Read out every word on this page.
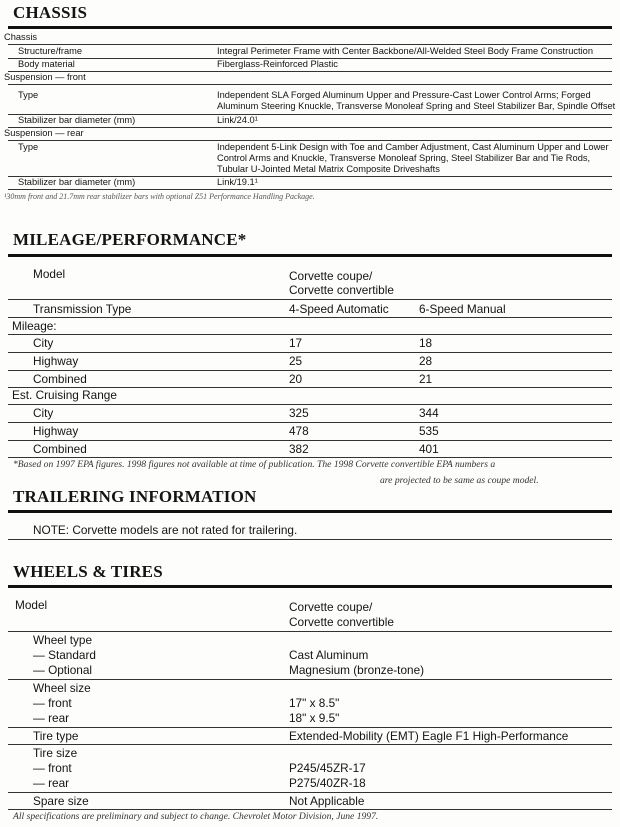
CHASSIS
Chassis
Structure/frame	Integral Perimeter Frame with Center Backbone/All-Welded Steel Body Frame Construction
Body material	Fiberglass-Reinforced Plastic
Suspension — front
Type	Independent SLA Forged Aluminum Upper and Pressure-Cast Lower Control Arms; Forged Aluminum Steering Knuckle, Transverse Monoleaf Spring and Steel Stabilizer Bar, Spindle Offset
Stabilizer bar diameter (mm)	Link/24.0¹
Suspension — rear
Type	Independent 5-Link Design with Toe and Camber Adjustment, Cast Aluminum Upper and Lower Control Arms and Knuckle, Transverse Monoleaf Spring, Steel Stabilizer Bar and Tie Rods, Tubular U-Jointed Metal Matrix Composite Driveshafts
Stabilizer bar diameter (mm)	Link/19.1¹
¹30mm front and 21.7mm rear stabilizer bars with optional Z51 Performance Handling Package.
MILEAGE/PERFORMANCE*
Model	Corvette coupe/
Corvette convertible
Transmission Type	4-Speed Automatic	6-Speed Manual
Mileage:
City	17	18
Highway	25	28
Combined	20	21
Est. Cruising Range
City	325	344
Highway	478	535
Combined	382	401
*Based on 1997 EPA figures. 1998 figures not available at time of publication. The 1998 Corvette convertible EPA numbers a
are projected to be same as coupe model.
TRAILERING INFORMATION
NOTE: Corvette models are not rated for trailering.
WHEELS & TIRES
Model	Corvette coupe/
Corvette convertible
Wheel type
— Standard	Cast Aluminum
— Optional	Magnesium (bronze-tone)
Wheel size
— front	17" x 8.5"
— rear	18" x 9.5"
Tire type	Extended-Mobility (EMT) Eagle F1 High-Performance
Tire size
— front	P245/45ZR-17
— rear	P275/40ZR-18
Spare size	Not Applicable
All specifications are preliminary and subject to change. Chevrolet Motor Division, June 1997.
